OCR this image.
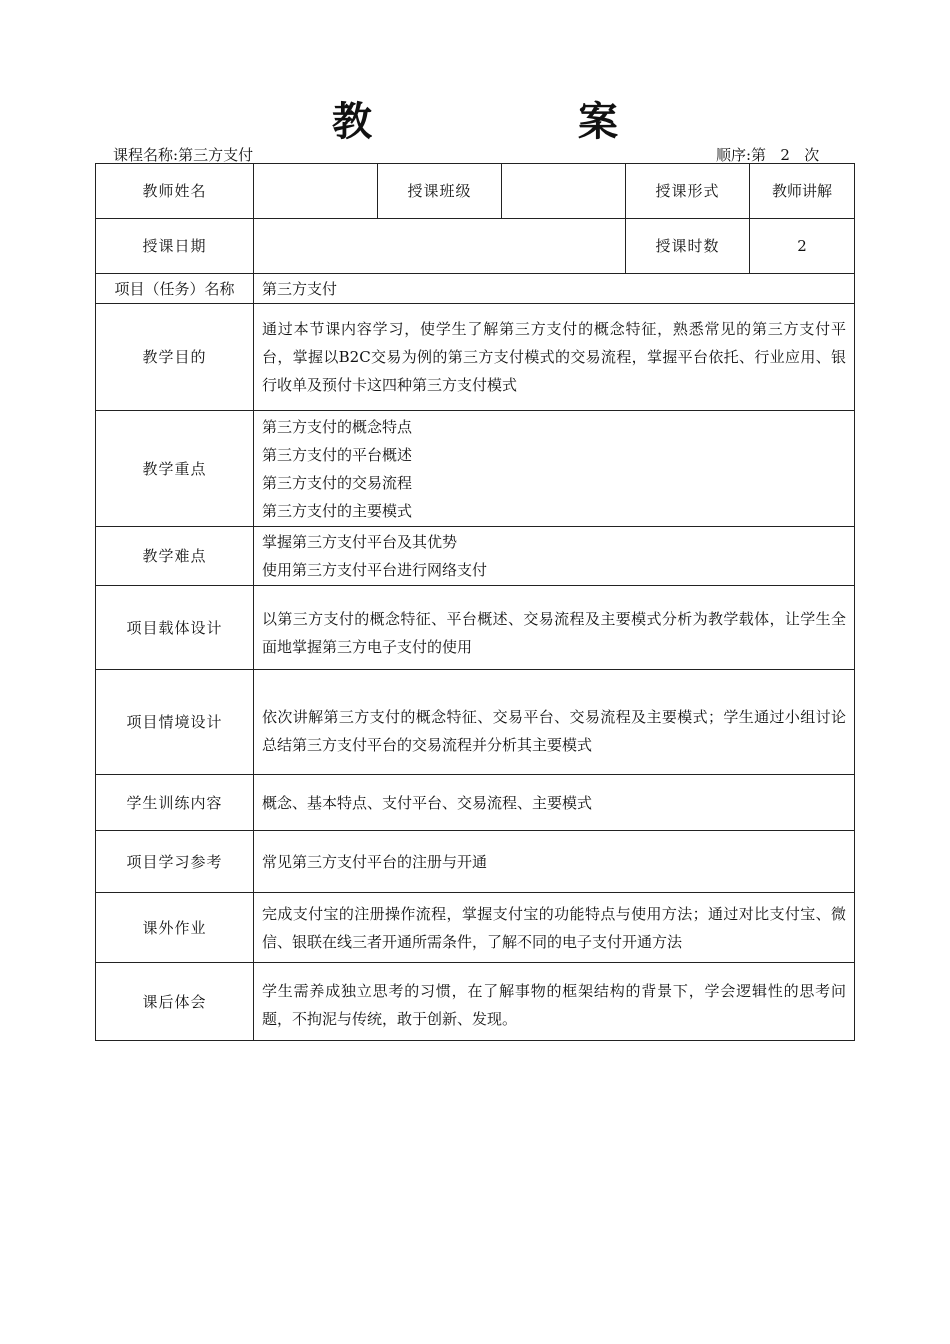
教 案
课程名称:第三方支付	顺序:第 2 次
教师姓名		授课班级		授课形式	教师讲解
授课日期				授课时数	2
项目（任务）名称	第三方支付				
教学目的	通过本节课内容学习，使学生了解第三方支付的概念特征，熟悉常见的第三方支付平台，掌握以B2C交易为例的第三方支付模式的交易流程，掌握平台依托、行业应用、银行收单及预付卡这四种第三方支付模式				
教学重点	第三方支付的概念特点
第三方支付的平台概述
第三方支付的交易流程
第三方支付的主要模式				

教学难点	掌握第三方支付平台及其优势
使用第三方支付平台进行网络支付				

项目载体设计	以第三方支付的概念特征、平台概述、交易流程及主要模式分析为教学载体，让学生全面地掌握第三方电子支付的使用				
项目情境设计	依次讲解第三方支付的概念特征、交易平台、交易流程及主要模式；学生通过小组讨论总结第三方支付平台的交易流程并分析其主要模式				
学生训练内容	概念、基本特点、支付平台、交易流程、主要模式				
项目学习参考	常见第三方支付平台的注册与开通				
课外作业	完成支付宝的注册操作流程，掌握支付宝的功能特点与使用方法；通过对比支付宝、微信、银联在线三者开通所需条件，了解不同的电子支付开通方法				
课后体会	学生需养成独立思考的习惯，在了解事物的框架结构的背景下，学会逻辑性的思考问题，不拘泥与传统，敢于创新、发现。				
